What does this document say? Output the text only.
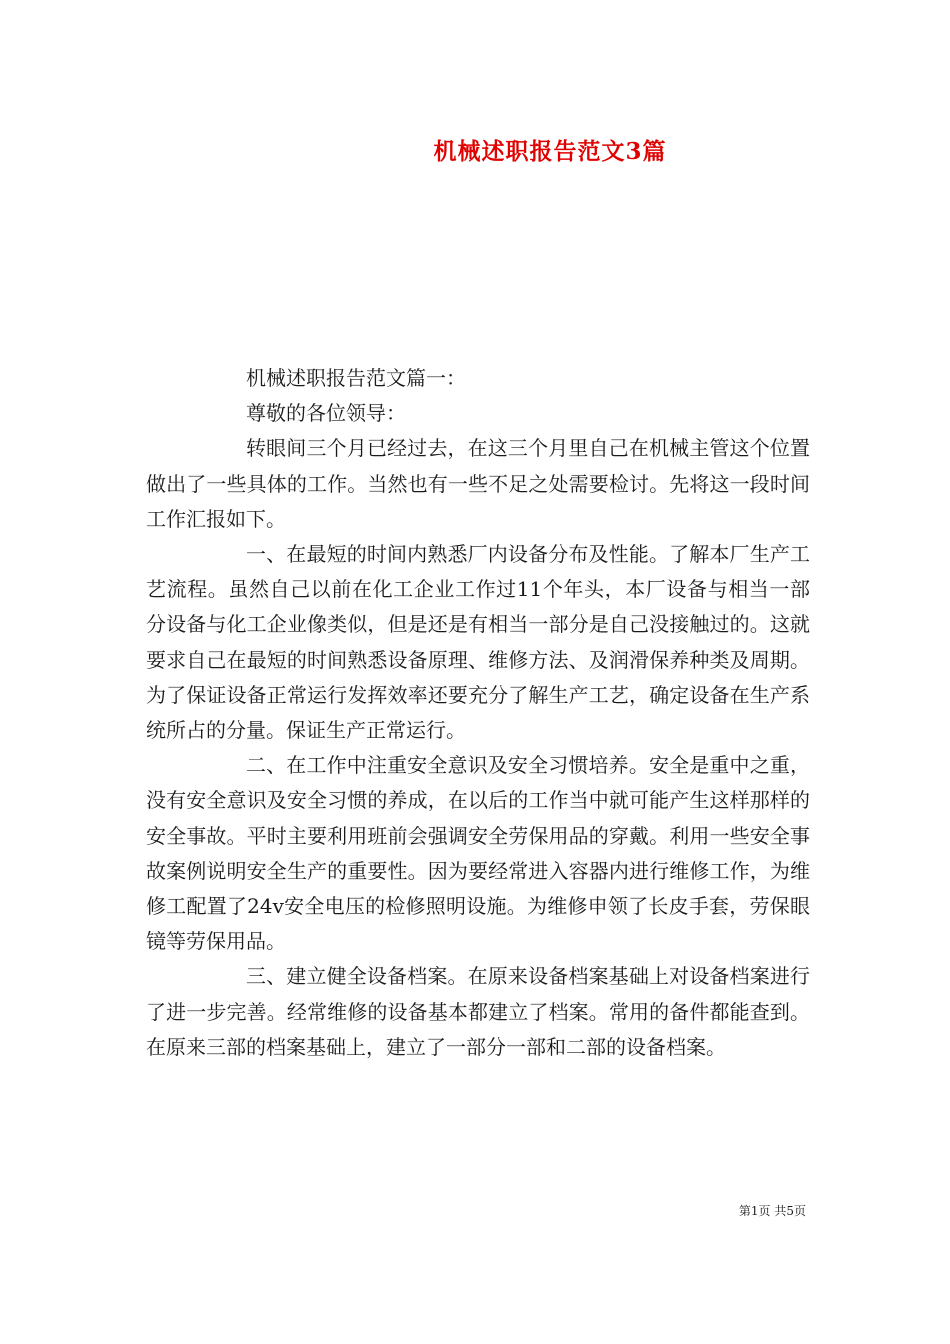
机械述职报告范文3篇

机械述职报告范文篇一：

尊敬的各位领导：

转眼间三个月已经过去，在这三个月里自己在机械主管这个位置做出了一些具体的工作。当然也有一些不足之处需要检讨。先将这一段时间工作汇报如下。

一、在最短的时间内熟悉厂内设备分布及性能。了解本厂生产工艺流程。虽然自己以前在化工企业工作过11个年头，本厂设备与相当一部分设备与化工企业像类似，但是还是有相当一部分是自己没接触过的。这就要求自己在最短的时间熟悉设备原理、维修方法、及润滑保养种类及周期。为了保证设备正常运行发挥效率还要充分了解生产工艺，确定设备在生产系统所占的分量。保证生产正常运行。

二、在工作中注重安全意识及安全习惯培养。安全是重中之重，没有安全意识及安全习惯的养成，在以后的工作当中就可能产生这样那样的安全事故。平时主要利用班前会强调安全劳保用品的穿戴。利用一些安全事故案例说明安全生产的重要性。因为要经常进入容器内进行维修工作，为维修工配置了24v安全电压的检修照明设施。为维修申领了长皮手套，劳保眼镜等劳保用品。

三、建立健全设备档案。在原来设备档案基础上对设备档案进行了进一步完善。经常维修的设备基本都建立了档案。常用的备件都能查到。在原来三部的档案基础上，建立了一部分一部和二部的设备档案。

第1页 共5页
